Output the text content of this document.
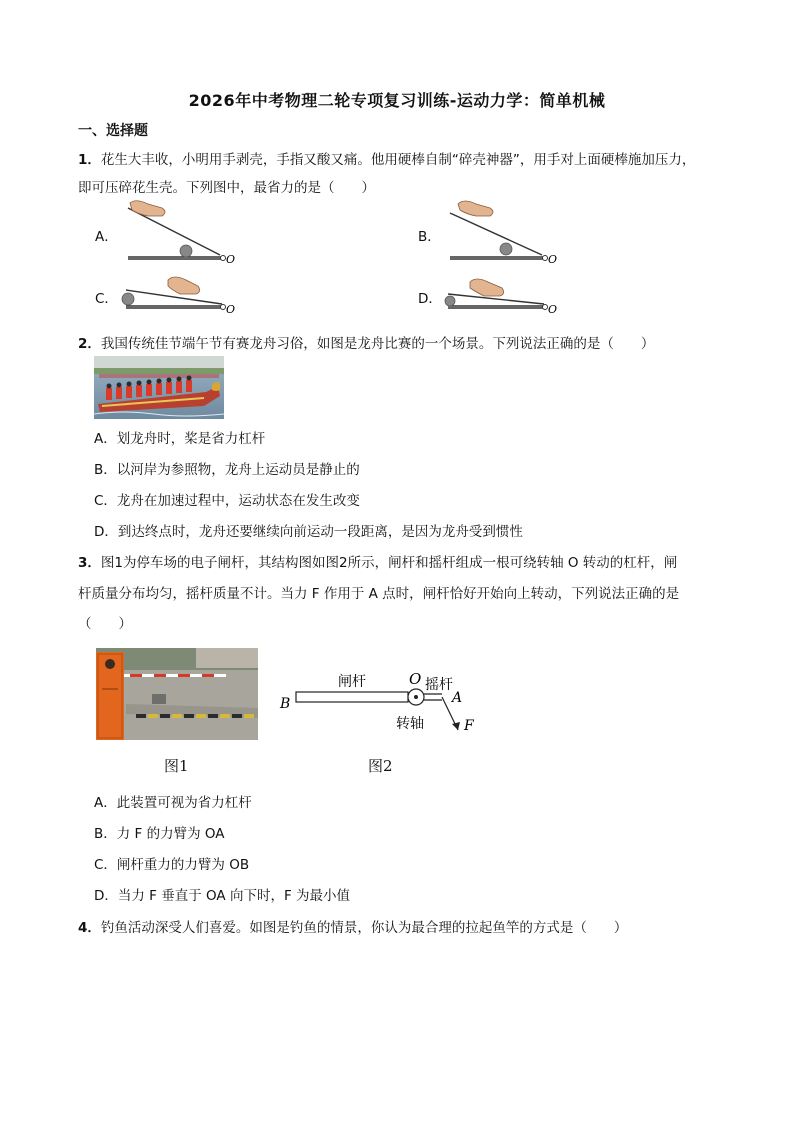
2026年中考物理二轮专项复习训练-运动力学：简单机械
一、选择题
1．花生大丰收，小明用手剥壳，手指又酸又痛。他用硬棒自制“碎壳神器”，用手对上面硬棒施加压力，
即可压碎花生壳。下列图中，最省力的是（　　）
A．
O
B．
O
C．
O
D．
O
2．我国传统佳节端午节有赛龙舟习俗，如图是龙舟比赛的一个场景。下列说法正确的是（　　）
A．划龙舟时，桨是省力杠杆
B．以河岸为参照物，龙舟上运动员是静止的
C．龙舟在加速过程中，运动状态在发生改变
D．到达终点时，龙舟还要继续向前运动一段距离，是因为龙舟受到惯性
3．图1为停车场的电子闸杆，其结构图如图2所示，闸杆和摇杆组成一根可绕转轴 O 转动的杠杆，闸
杆质量分布均匀，摇杆质量不计。当力 F 作用于 A 点时，闸杆恰好开始向上转动，下列说法正确的是
（　　）
图1
闸杆	O 摇杆
B	A
转轴	F
图2
A．此装置可视为省力杠杆
B．力 F 的力臂为 OA
C．闸杆重力的力臂为 OB
D．当力 F 垂直于 OA 向下时，F 为最小值
4．钓鱼活动深受人们喜爱。如图是钓鱼的情景，你认为最合理的拉起鱼竿的方式是（　　）
